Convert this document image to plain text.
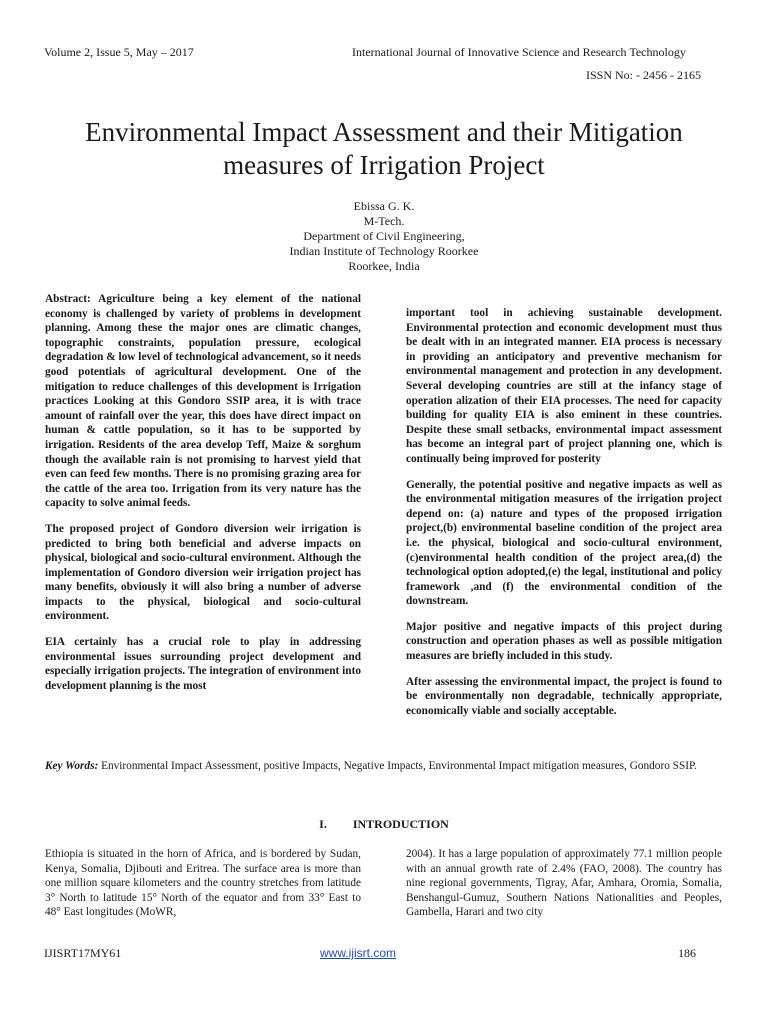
Volume 2, Issue 5, May – 2017	International Journal of Innovative Science and Research Technology
ISSN No: - 2456 - 2165
Environmental Impact Assessment and their Mitigation measures of Irrigation Project
Ebissa G. K.
M-Tech.
Department of Civil Engineering,
Indian Institute of Technology Roorkee
Roorkee, India

Abstract: Agriculture being a key element of the national economy is challenged by variety of problems in development planning. Among these the major ones are climatic changes, topographic constraints, population pressure, ecological degradation & low level of technological advancement, so it needs good potentials of agricultural development. One of the mitigation to reduce challenges of this development is Irrigation practices Looking at this Gondoro SSIP area, it is with trace amount of rainfall over the year, this does have direct impact on human & cattle population, so it has to be supported by irrigation. Residents of the area develop Teff, Maize & sorghum though the available rain is not promising to harvest yield that even can feed few months. There is no promising grazing area for the cattle of the area too. Irrigation from its very nature has the capacity to solve animal feeds.

The proposed project of Gondoro diversion weir irrigation is predicted to bring both beneficial and adverse impacts on physical, biological and socio-cultural environment. Although the implementation of Gondoro diversion weir irrigation project has many benefits, obviously it will also bring a number of adverse impacts to the physical, biological and socio-cultural environment.

EIA certainly has a crucial role to play in addressing environmental issues surrounding project development and especially irrigation projects. The integration of environment into development planning is the most

important tool in achieving sustainable development. Environmental protection and economic development must thus be dealt with in an integrated manner. EIA process is necessary in providing an anticipatory and preventive mechanism for environmental management and protection in any development. Several developing countries are still at the infancy stage of operation alization of their EIA processes. The need for capacity building for quality EIA is also eminent in these countries. Despite these small setbacks, environmental impact assessment has become an integral part of project planning one, which is continually being improved for posterity

Generally, the potential positive and negative impacts as well as the environmental mitigation measures of the irrigation project depend on: (a) nature and types of the proposed irrigation project,(b) environmental baseline condition of the project area i.e. the physical, biological and socio-cultural environment,(c)environmental health condition of the project area,(d) the technological option adopted,(e) the legal, institutional and policy framework ,and (f) the environmental condition of the downstream.

Major positive and negative impacts of this project during construction and operation phases as well as possible mitigation measures are briefly included in this study.

After assessing the environmental impact, the project is found to be environmentally non degradable, technically appropriate, economically viable and socially acceptable.

Key Words: Environmental Impact Assessment, positive Impacts, Negative Impacts, Environmental Impact mitigation measures, Gondoro SSIP.
I. INTRODUCTION
Ethiopia is situated in the horn of Africa, and is bordered by Sudan, Kenya, Somalia, Djibouti and Eritrea. The surface area is more than one million square kilometers and the country stretches from latitude 3° North to latitude 15° North of the equator and from 33° East to 48° East longitudes (MoWR,
2004). It has a large population of approximately 77.1 million people with an annual growth rate of 2.4% (FAO, 2008). The country has nine regional governments, Tigray, Afar, Amhara, Oromia, Somalia, Benshangul-Gumuz, Southern Nations Nationalities and Peoples, Gambella, Harari and two city
IJISRT17MY61	www.ijisrt.com	186
